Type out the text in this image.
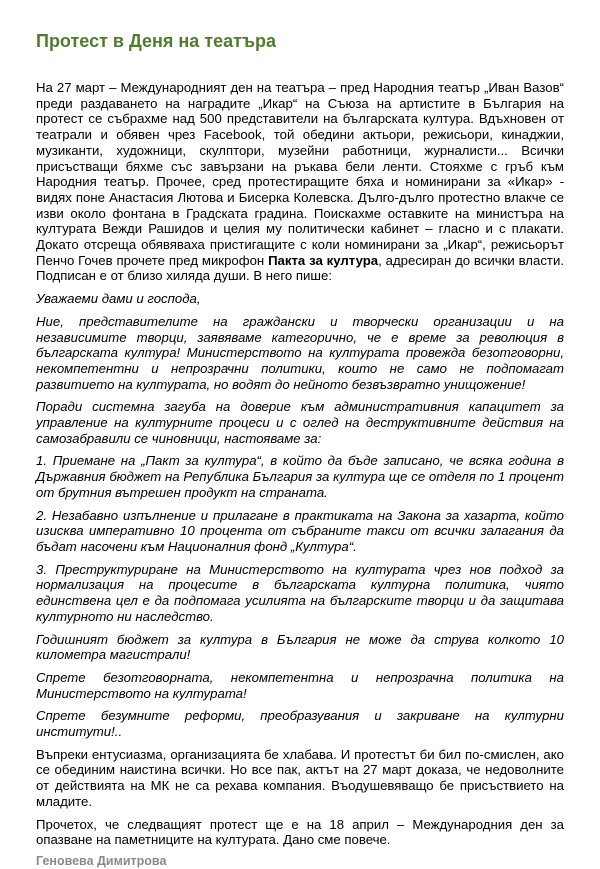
Протест в Деня на театъра

На 27 март – Международният ден на театъра – пред Народния театър „Иван Вазов“ преди раздаването на наградите „Икар“ на Съюза на артистите в България на протест се събрахме над 500 представители на българската култура. Вдъхновен от театрали и обявен чрез Facebook, той обедини актьори, режисьори, кинаджии, музиканти, художници, скулптори, музейни работници, журналисти... Всички присъстващи бяхме със завързани на ръкава бели ленти. Стояхме с гръб към Народния театър. Прочее, сред протестиращите бяха и номинирани за «Икар» - видях поне Анастасия Лютова и Бисерка Колевска. Дълго-дълго протестно влакче се изви около фонтана в Градската градина. Поискахме оставките на министъра на културата Вежди Рашидов и целия му политически кабинет – гласно и с плакати. Докато отсреща обявяваха пристигащите с коли номинирани за „Икар“, режисьорът Пенчо Гочев прочете пред микрофон Пакта за култура, адресиран до всички власти. Подписан е от близо хиляда души. В него пише:

Уважаеми дами и господа,

Ние, представителите на граждански и творчески организации и на независимите творци, заявяваме категорично, че е време за революция в българската култура! Министерството на културата провежда безотговорни, некомпетентни и непрозрачни политики, които не само не подпомагат развитието на културата, но водят до нейното безвъзвратно унищожение!

Поради системна загуба на доверие към административния капацитет за управление на културните процеси и с оглед на деструктивните действия на самозабравили се чиновници, настояваме за:

1. Приемане на „Пакт за култура“, в който да бъде записано, че всяка година в Държавния бюджет на Република България за култура ще се отделя по 1 процент от брутния вътрешен продукт на страната.

2. Незабавно изпълнение и прилагане в практиката на Закона за хазарта, който изисква императивно 10 процента от събраните такси от всички залагания да бъдат насочени към Националния фонд „Култура“.

3. Преструктуриране на Министерството на културата чрез нов подход за нормализация на процесите в българската културна политика, чиято единствена цел е да подпомага усилията на българските творци и да защитава културното ни наследство.

Годишният бюджет за култура в България не може да струва колкото 10 километра магистрали!

Спрете безотговорната, некомпетентна и непрозрачна политика на Министерството на културата!

Спрете безумните реформи, преобразувания и закриване на културни институти!..

Въпреки ентусиазма, организацията бе хлабава. И протестът би бил по-смислен, ако се обединим наистина всички. Но все пак, актът на 27 март доказа, че недоволните от действията на МК не са рехава компания. Въодушевяващо бе присъствието на младите.

Прочетох, че следващият протест ще е на 18 април – Международния ден за опазване на паметниците на културата. Дано сме повече.

Геновева Димитрова
